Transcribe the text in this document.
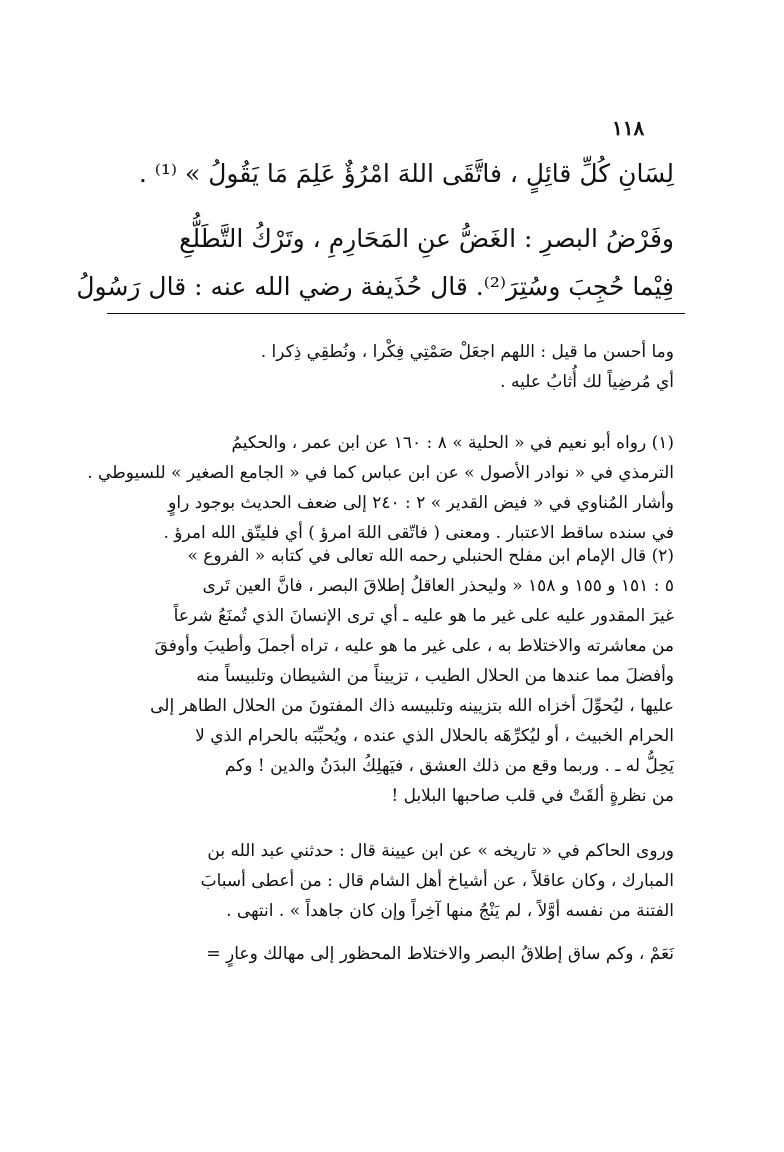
١١٨
لِسَانِ كُلِّ قائِلٍ ، فاتَّقَى اللهَ امْرُؤٌ عَلِمَ مَا يَقُولُ » ⁽¹⁾ .
وفَرْضُ البصرِ : الغَضُّ عنِ المَحَارِمِ ، وتَرْكُ التَّطَلُّعِ
فِيْما حُجِبَ وسُتِرَ⁽²⁾. قال حُذَيفة رضي الله عنه : قال رَسُولُ
وما أحسن ما قيل : اللهم اجعَلْ صَمْتِي فِكْرا ، ونُطقِي ذِكرا .
أي مُرضِياً لك أُثابُ عليه .
(١) رواه أبو نعيم في « الحلية » ٨ : ١٦٠ عن ابن عمر ، والحكيمُ
الترمذي في « نوادر الأصول » عن ابن عباس كما في « الجامع الصغير » للسيوطي .
وأشار المُناوي في « فيض القدير » ٢ : ٢٤٠ إلى ضعف الحديث بوجود راوٍ
في سنده ساقط الاعتبار . ومعنى ( فاتّقى اللهَ امرؤ ) أي فليتّق الله امرؤ .
(٢) قال الإمام ابن مفلح الحنبلي رحمه الله تعالى في كتابه « الفروع »
٥ : ١٥١ و ١٥٥ و ١٥٨ « وليحذر العاقلُ إطلاقَ البصر ، فانَّ العين تَرى
غيرَ المقدور عليه على غير ما هو عليه ـ أي ترى الإنسانَ الذي تُمنَعُ شرعاً
من معاشرته والاختلاط به ، على غير ما هو عليه ، تراه أجملَ وأطيبَ وأوفقَ
وأفضلَ مما عندها من الحلال الطيب ، تزييناً من الشيطان وتلبيساً منه
عليها ، ليُحوِّلَ أخزاه الله بتزيينه وتلبيسه ذاك المفتونَ من الحلال الطاهر إلى
الحرام الخبيث ، أو ليُكرِّهَه بالحلال الذي عنده ، ويُحبِّبَه بالحرام الذي لا
يَحِلُّ له ـ . وربما وقع من ذلك العشق ، فيَهلِكُ البدَنُ والدين ! وكم
من نظرةٍ ألقَتْ في قلب صاحبها البلابل !
وروى الحاكم في « تاريخه » عن ابن عيينة قال : حدثني عبد الله بن
المبارك ، وكان عاقلاً ، عن أشياخ أهل الشام قال : من أعطى أسبابَ
الفتنة من نفسه أوَّلاً ، لم يَنْجُ منها آخِراً وإن كان جاهداً » . انتهى .
نَعَمْ ، وكم ساق إطلاقُ البصر والاختلاط المحظور إلى مهالك وعارٍ =
